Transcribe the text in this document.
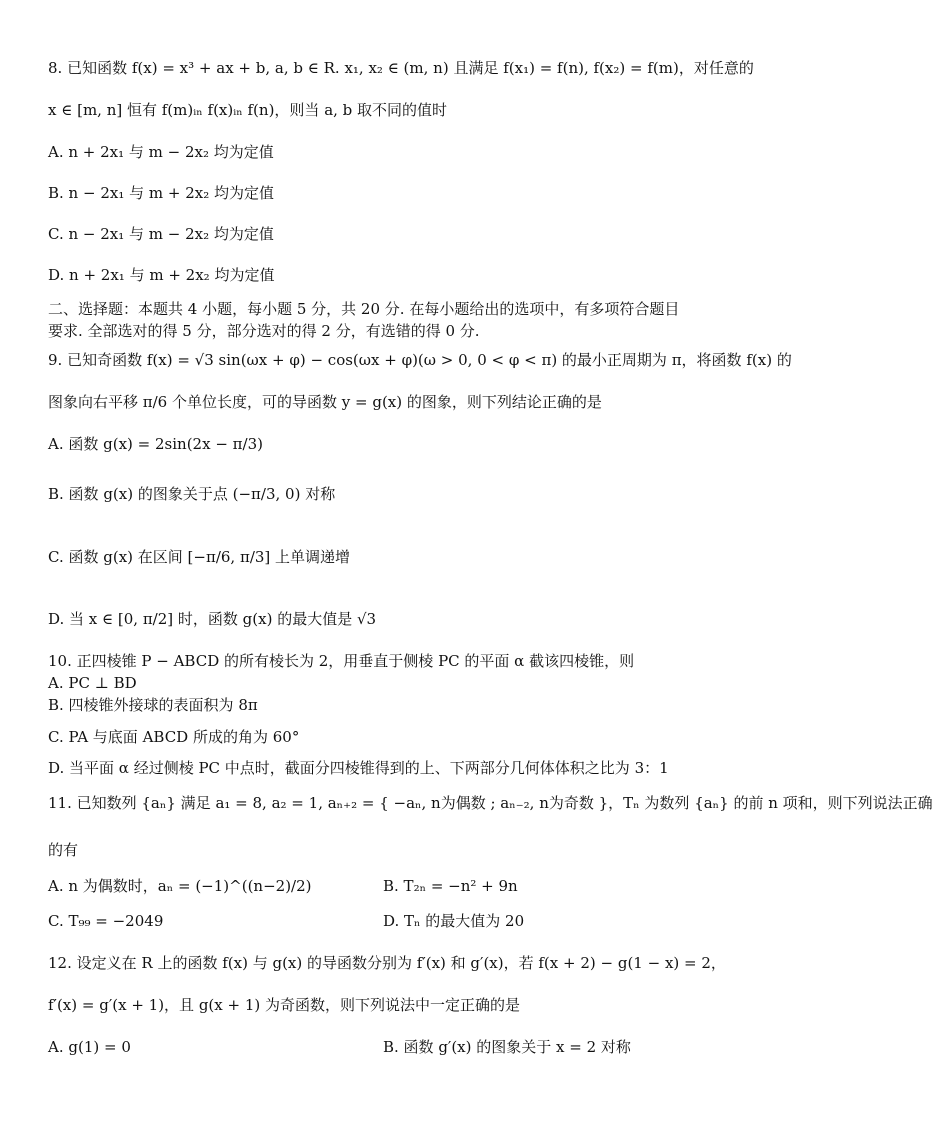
8. 已知函数 f(x) = x³ + ax + b, a, b ∈ R. x₁, x₂ ∈ (m, n) 且满足 f(x₁) = f(n), f(x₂) = f(m)，对任意的
x ∈ [m, n] 恒有 f(m)ᵢₙ f(x)ᵢₙ f(n)，则当 a, b 取不同的值时
A. n + 2x₁ 与 m − 2x₂ 均为定值
B. n − 2x₁ 与 m + 2x₂ 均为定值
C. n − 2x₁ 与 m − 2x₂ 均为定值
D. n + 2x₁ 与 m + 2x₂ 均为定值
二、选择题：本题共 4 小题，每小题 5 分，共 20 分. 在每小题给出的选项中，有多项符合题目
要求. 全部选对的得 5 分，部分选对的得 2 分，有选错的得 0 分.
9. 已知奇函数 f(x) = √3 sin(ωx + φ) − cos(ωx + φ)(ω > 0, 0 < φ < π) 的最小正周期为 π，将函数 f(x) 的
图象向右平移 π/6 个单位长度，可的导函数 y = g(x) 的图象，则下列结论正确的是
A. 函数 g(x) = 2sin(2x − π/3)
B. 函数 g(x) 的图象关于点 (−π/3, 0) 对称
C. 函数 g(x) 在区间 [−π/6, π/3] 上单调递增
D. 当 x ∈ [0, π/2] 时，函数 g(x) 的最大值是 √3
10. 正四棱锥 P − ABCD 的所有棱长为 2，用垂直于侧棱 PC 的平面 α 截该四棱锥，则
A. PC ⊥ BD
B. 四棱锥外接球的表面积为 8π
C. PA 与底面 ABCD 所成的角为 60°
D. 当平面 α 经过侧棱 PC 中点时，截面分四棱锥得到的上、下两部分几何体体积之比为 3：1
11. 已知数列 {aₙ} 满足 a₁ = 8, a₂ = 1, aₙ₊₂ = { −aₙ, n为偶数 ; aₙ₋₂, n为奇数 }，Tₙ 为数列 {aₙ} 的前 n 项和，则下列说法正确
的有
A. n 为偶数时，aₙ = (−1)^((n−2)/2)	B. T₂ₙ = −n² + 9n
C. T₉₉ = −2049	D. Tₙ 的最大值为 20
12. 设定义在 R 上的函数 f(x) 与 g(x) 的导函数分别为 f′(x) 和 g′(x)，若 f(x + 2) − g(1 − x) = 2，
f′(x) = g′(x + 1)，且 g(x + 1) 为奇函数，则下列说法中一定正确的是
A. g(1) = 0	B. 函数 g′(x) 的图象关于 x = 2 对称
